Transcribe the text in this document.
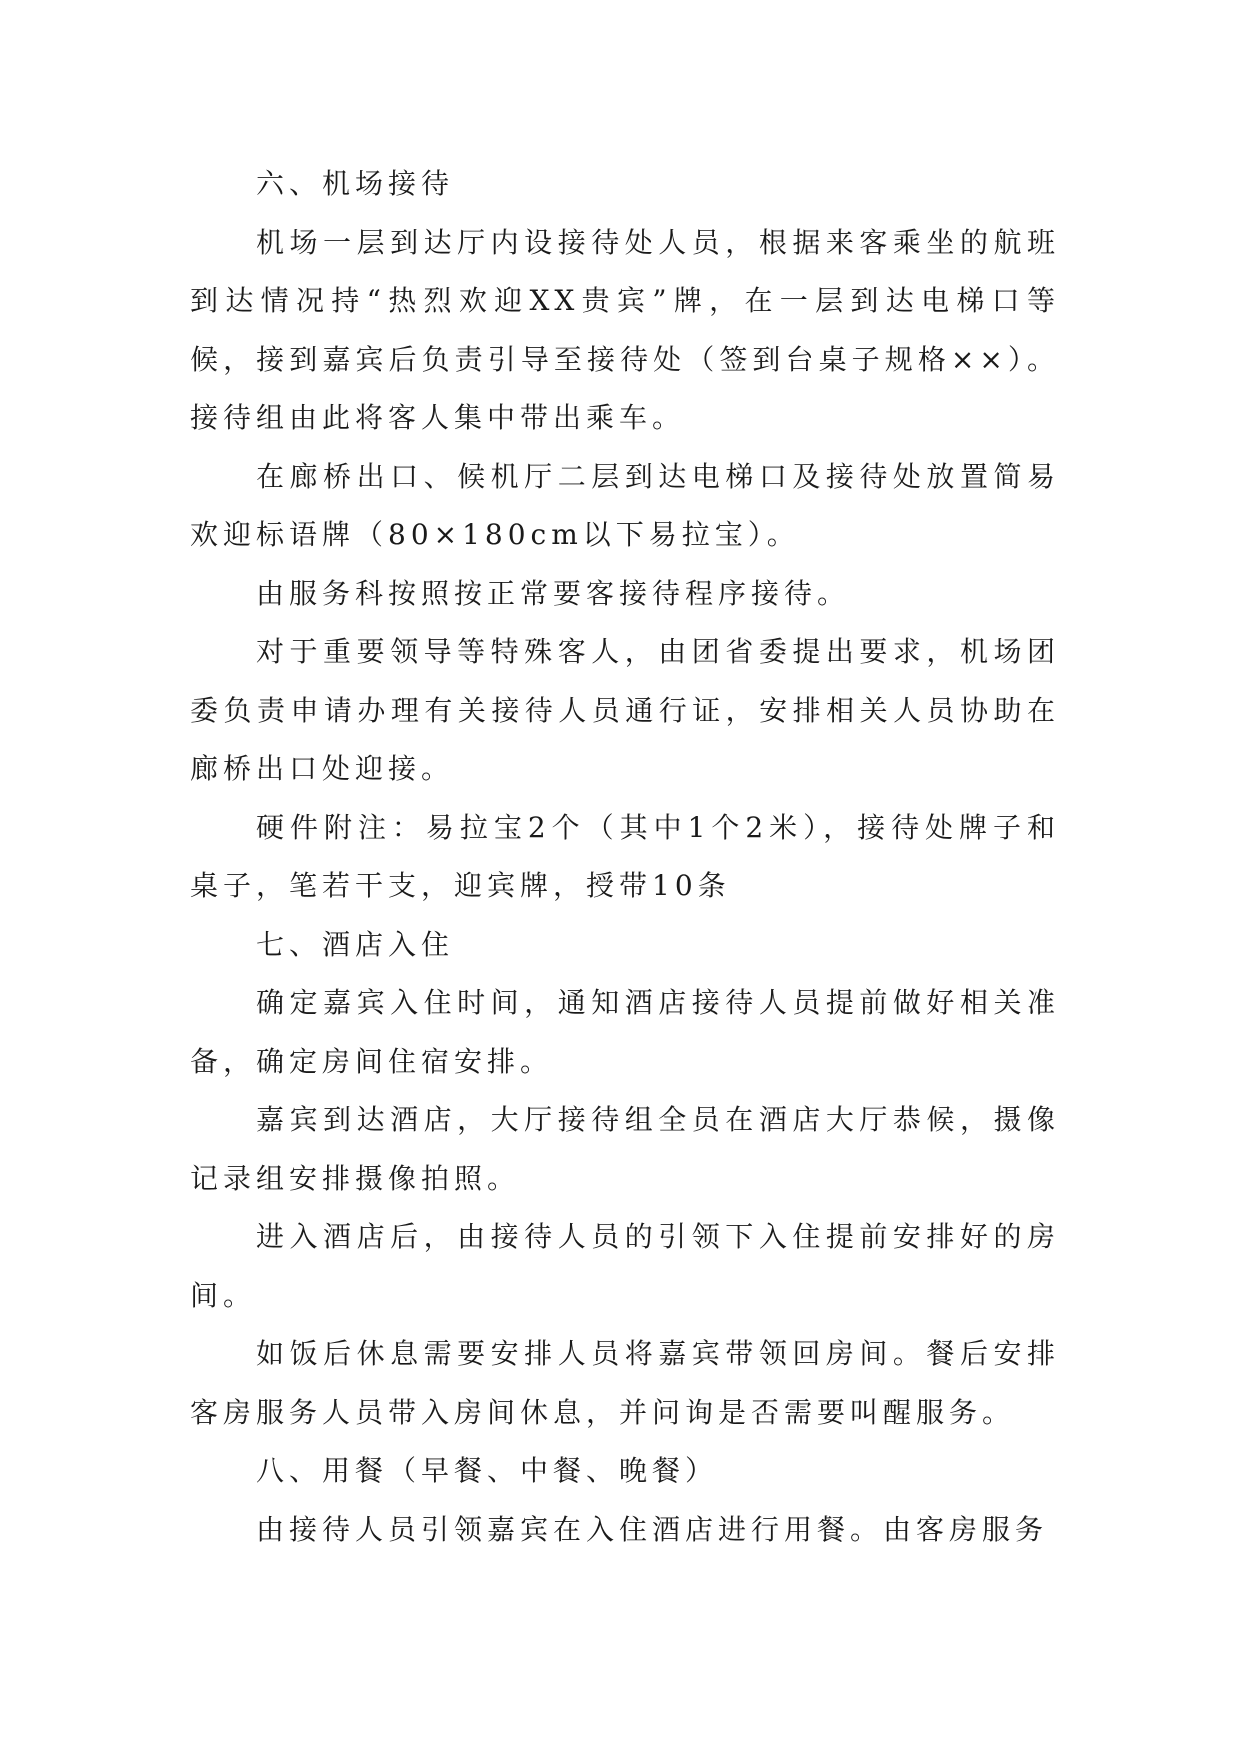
六、机场接待

机场一层到达厅内设接待处人员，根据来客乘坐的航班到达情况持“热烈欢迎XX贵宾”牌，在一层到达电梯口等候，接到嘉宾后负责引导至接待处（签到台桌子规格××）。接待组由此将客人集中带出乘车。

在廊桥出口、候机厅二层到达电梯口及接待处放置简易欢迎标语牌（80×180cm以下易拉宝）。

由服务科按照按正常要客接待程序接待。

对于重要领导等特殊客人，由团省委提出要求，机场团委负责申请办理有关接待人员通行证，安排相关人员协助在廊桥出口处迎接。

硬件附注：易拉宝2个（其中1个2米），接待处牌子和桌子，笔若干支，迎宾牌，授带10条

七、酒店入住

确定嘉宾入住时间，通知酒店接待人员提前做好相关准备，确定房间住宿安排。

嘉宾到达酒店，大厅接待组全员在酒店大厅恭候，摄像记录组安排摄像拍照。

进入酒店后，由接待人员的引领下入住提前安排好的房间。

如饭后休息需要安排人员将嘉宾带领回房间。餐后安排客房服务人员带入房间休息，并问询是否需要叫醒服务。

八、用餐（早餐、中餐、晚餐）

由接待人员引领嘉宾在入住酒店进行用餐。由客房服务
